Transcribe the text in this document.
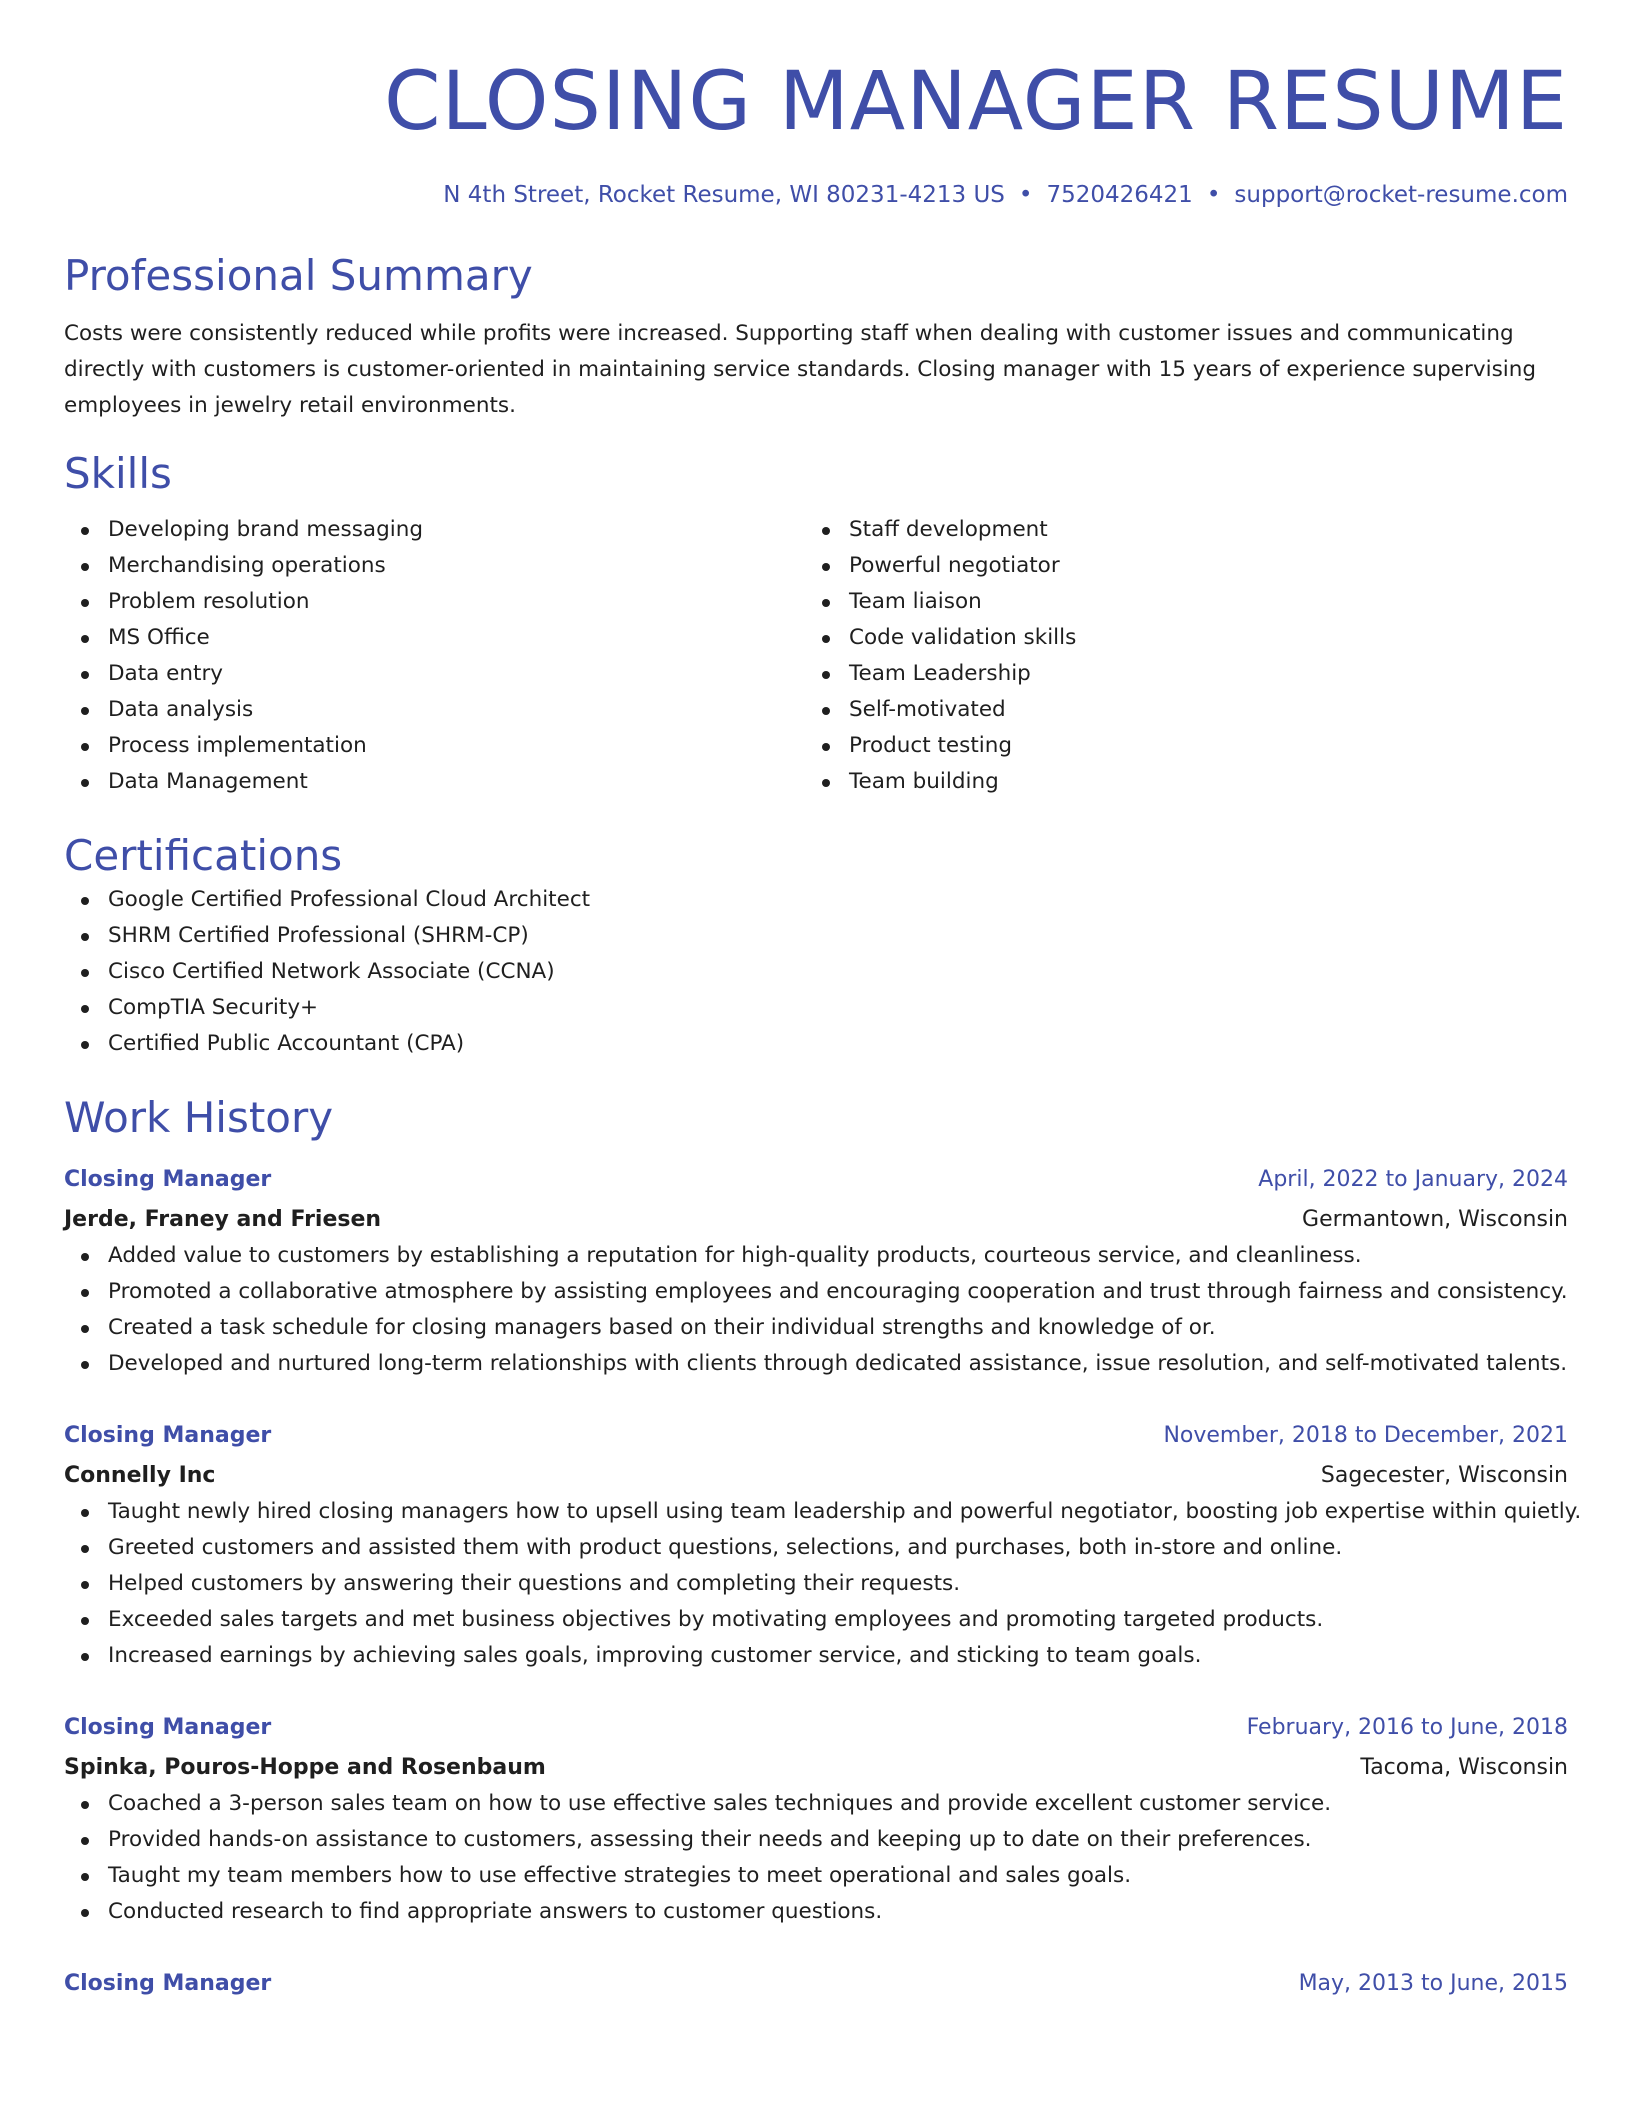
CLOSING MANAGER RESUME
N 4th Street, Rocket Resume, WI 80231-4213 US • 7520426421 • support@rocket-resume.com
Professional Summary

Costs were consistently reduced while profits were increased. Supporting staff when dealing with customer issues and communicating directly with customers is customer-oriented in maintaining service standards. Closing manager with 15 years of experience supervising employees in jewelry retail environments.

Skills
Developing brand messaging
Merchandising operations
Problem resolution
MS Office
Data entry
Data analysis
Process implementation
Data Management
Staff development
Powerful negotiator
Team liaison
Code validation skills
Team Leadership
Self-motivated
Product testing
Team building
Certifications
Google Certified Professional Cloud Architect
SHRM Certified Professional (SHRM-CP)
Cisco Certified Network Associate (CCNA)
CompTIA Security+
Certified Public Accountant (CPA)
Work History
Closing Manager	April, 2022 to January, 2024
Jerde, Franey and Friesen	Germantown, Wisconsin
Added value to customers by establishing a reputation for high-quality products, courteous service, and cleanliness.
Promoted a collaborative atmosphere by assisting employees and encouraging cooperation and trust through fairness and consistency.
Created a task schedule for closing managers based on their individual strengths and knowledge of or.
Developed and nurtured long-term relationships with clients through dedicated assistance, issue resolution, and self-motivated talents.
Closing Manager	November, 2018 to December, 2021
Connelly Inc	Sagecester, Wisconsin
Taught newly hired closing managers how to upsell using team leadership and powerful negotiator, boosting job expertise within quietly.
Greeted customers and assisted them with product questions, selections, and purchases, both in-store and online.
Helped customers by answering their questions and completing their requests.
Exceeded sales targets and met business objectives by motivating employees and promoting targeted products.
Increased earnings by achieving sales goals, improving customer service, and sticking to team goals.
Closing Manager	February, 2016 to June, 2018
Spinka, Pouros-Hoppe and Rosenbaum	Tacoma, Wisconsin
Coached a 3-person sales team on how to use effective sales techniques and provide excellent customer service.
Provided hands-on assistance to customers, assessing their needs and keeping up to date on their preferences.
Taught my team members how to use effective strategies to meet operational and sales goals.
Conducted research to find appropriate answers to customer questions.
Closing Manager	May, 2013 to June, 2015
